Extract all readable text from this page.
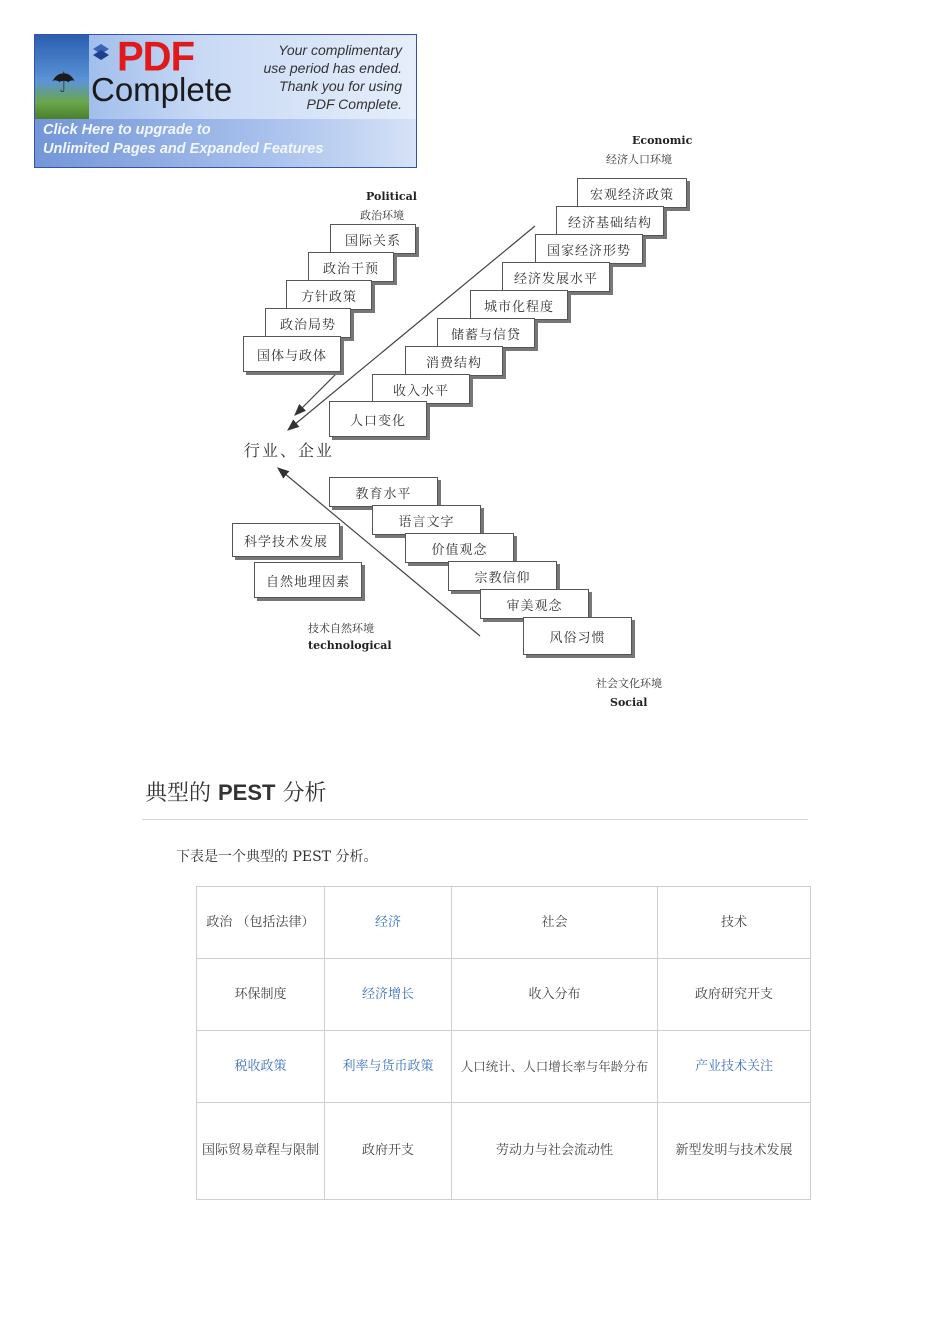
☂
PDF
Complete
Your complimentary
use period has ended.
Thank you for using
PDF Complete.
Click Here to upgrade to
Unlimited Pages and Expanded Features
Economic
经济人口环境
宏观经济政策
经济基础结构
国家经济形势
经济发展水平
城市化程度
储蓄与信贷
消费结构
收入水平
人口变化
Political
政治环境
国际关系
政治干预
方针政策
政治局势
国体与政体
行业、企业
教育水平
语言文字
价值观念
宗教信仰
审美观念
风俗习惯
社会文化环境
Social
科学技术发展
自然地理因素
技术自然环境
technological
典型的 PEST 分析
下表是一个典型的 PEST 分析。
政治 （包括法律）	经济	社会	技术
环保制度	经济增长	收入分布	政府研究开支
税收政策	利率与货币政策	人口统计、人口增长率与年龄分布	产业技术关注
国际贸易章程与限制	政府开支	劳动力与社会流动性	新型发明与技术发展
